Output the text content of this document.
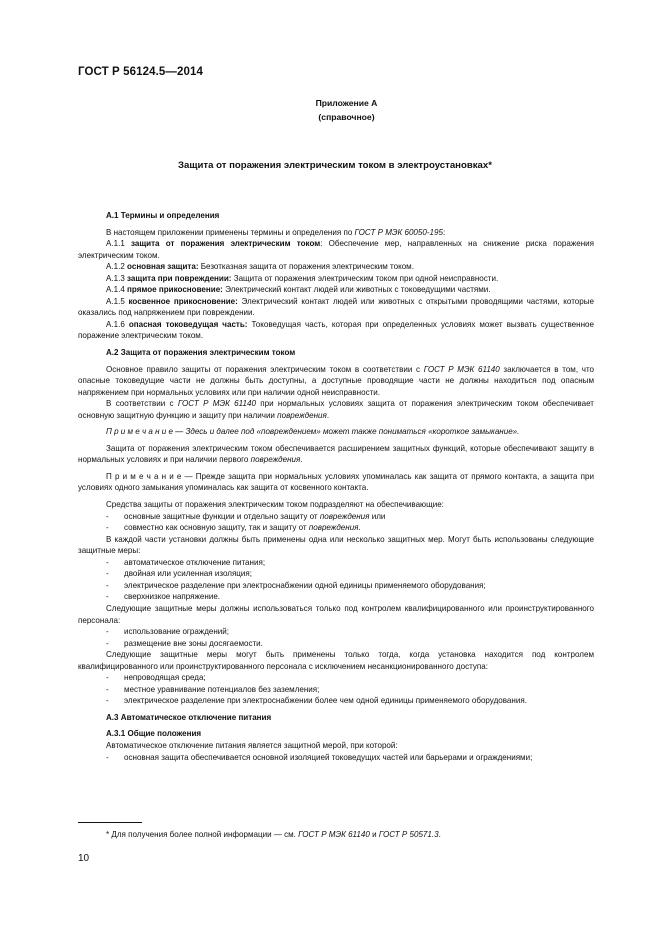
ГОСТ Р 56124.5—2014
Приложение А
(справочное)
Защита от поражения электрическим током в электроустановках*

А.1 Термины и определения

В настоящем приложении применены термины и определения по ГОСТ Р МЭК 60050-195:

А.1.1 защита от поражения электрическим током: Обеспечение мер, направленных на снижение риска поражения электрическим током.

А.1.2 основная защита: Безотказная защита от поражения электрическим током.

А.1.3 защита при повреждении: Защита от поражения электрическим током при одной неисправности.

А.1.4 прямое прикосновение: Электрический контакт людей или животных с токоведущими частями.

А.1.5 косвенное прикосновение: Электрический контакт людей или животных с открытыми проводящими частями, которые оказались под напряжением при повреждении.

А.1.6 опасная токоведущая часть: Токоведущая часть, которая при определенных условиях может вызвать существенное поражение электрическим током.

А.2 Защита от поражения электрическим током

Основное правило защиты от поражения электрическим током в соответствии с ГОСТ Р МЭК 61140 заключается в том, что опасные токоведущие части не должны быть доступны, а доступные проводящие части не должны находиться под опасным напряжением при нормальных условиях или при наличии одной неисправности.

В соответствии с ГОСТ Р МЭК 61140 при нормальных условиях защита от поражения электрическим током обеспечивает основную защитную функцию и защиту при наличии повреждения.

П р и м е ч а н и е — Здесь и далее под «повреждением» может также пониматься «короткое замыкание».

Защита от поражения электрическим током обеспечивается расширением защитных функций, которые обеспечивают защиту в нормальных условиях и при наличии первого повреждения.

П р и м е ч а н и е — Прежде защита при нормальных условиях упоминалась как защита от прямого контакта, а защита при условиях одного замыкания упоминалась как защита от косвенного контакта.

Средства защиты от поражения электрическим током подразделяют на обеспечивающие:

- основные защитные функции и отдельно защиту от повреждения или

- совместно как основную защиту, так и защиту от повреждения.

В каждой части установки должны быть применены одна или несколько защитных мер. Могут быть использованы следующие защитные меры:

- автоматическое отключение питания;

- двойная или усиленная изоляция;

- электрическое разделение при электроснабжении одной единицы применяемого оборудования;

- сверхнизкое напряжение.

Следующие защитные меры должны использоваться только под контролем квалифицированного или проинструктированного персонала:

- использование ограждений;

- размещение вне зоны досягаемости.

Следующие защитные меры могут быть применены только тогда, когда установка находится под контролем квалифицированного или проинструктированного персонала с исключением несанкционированного доступа:

- непроводящая среда;

- местное уравнивание потенциалов без заземления;

- электрическое разделение при электроснабжении более чем одной единицы применяемого оборудования.

А.3 Автоматическое отключение питания

А.3.1 Общие положения

Автоматическое отключение питания является защитной мерой, при которой:

- основная защита обеспечивается основной изоляцией токоведущих частей или барьерами и ограждениями;

* Для получения более полной информации — см. ГОСТ Р МЭК 61140 и ГОСТ Р 50571.3.
10
